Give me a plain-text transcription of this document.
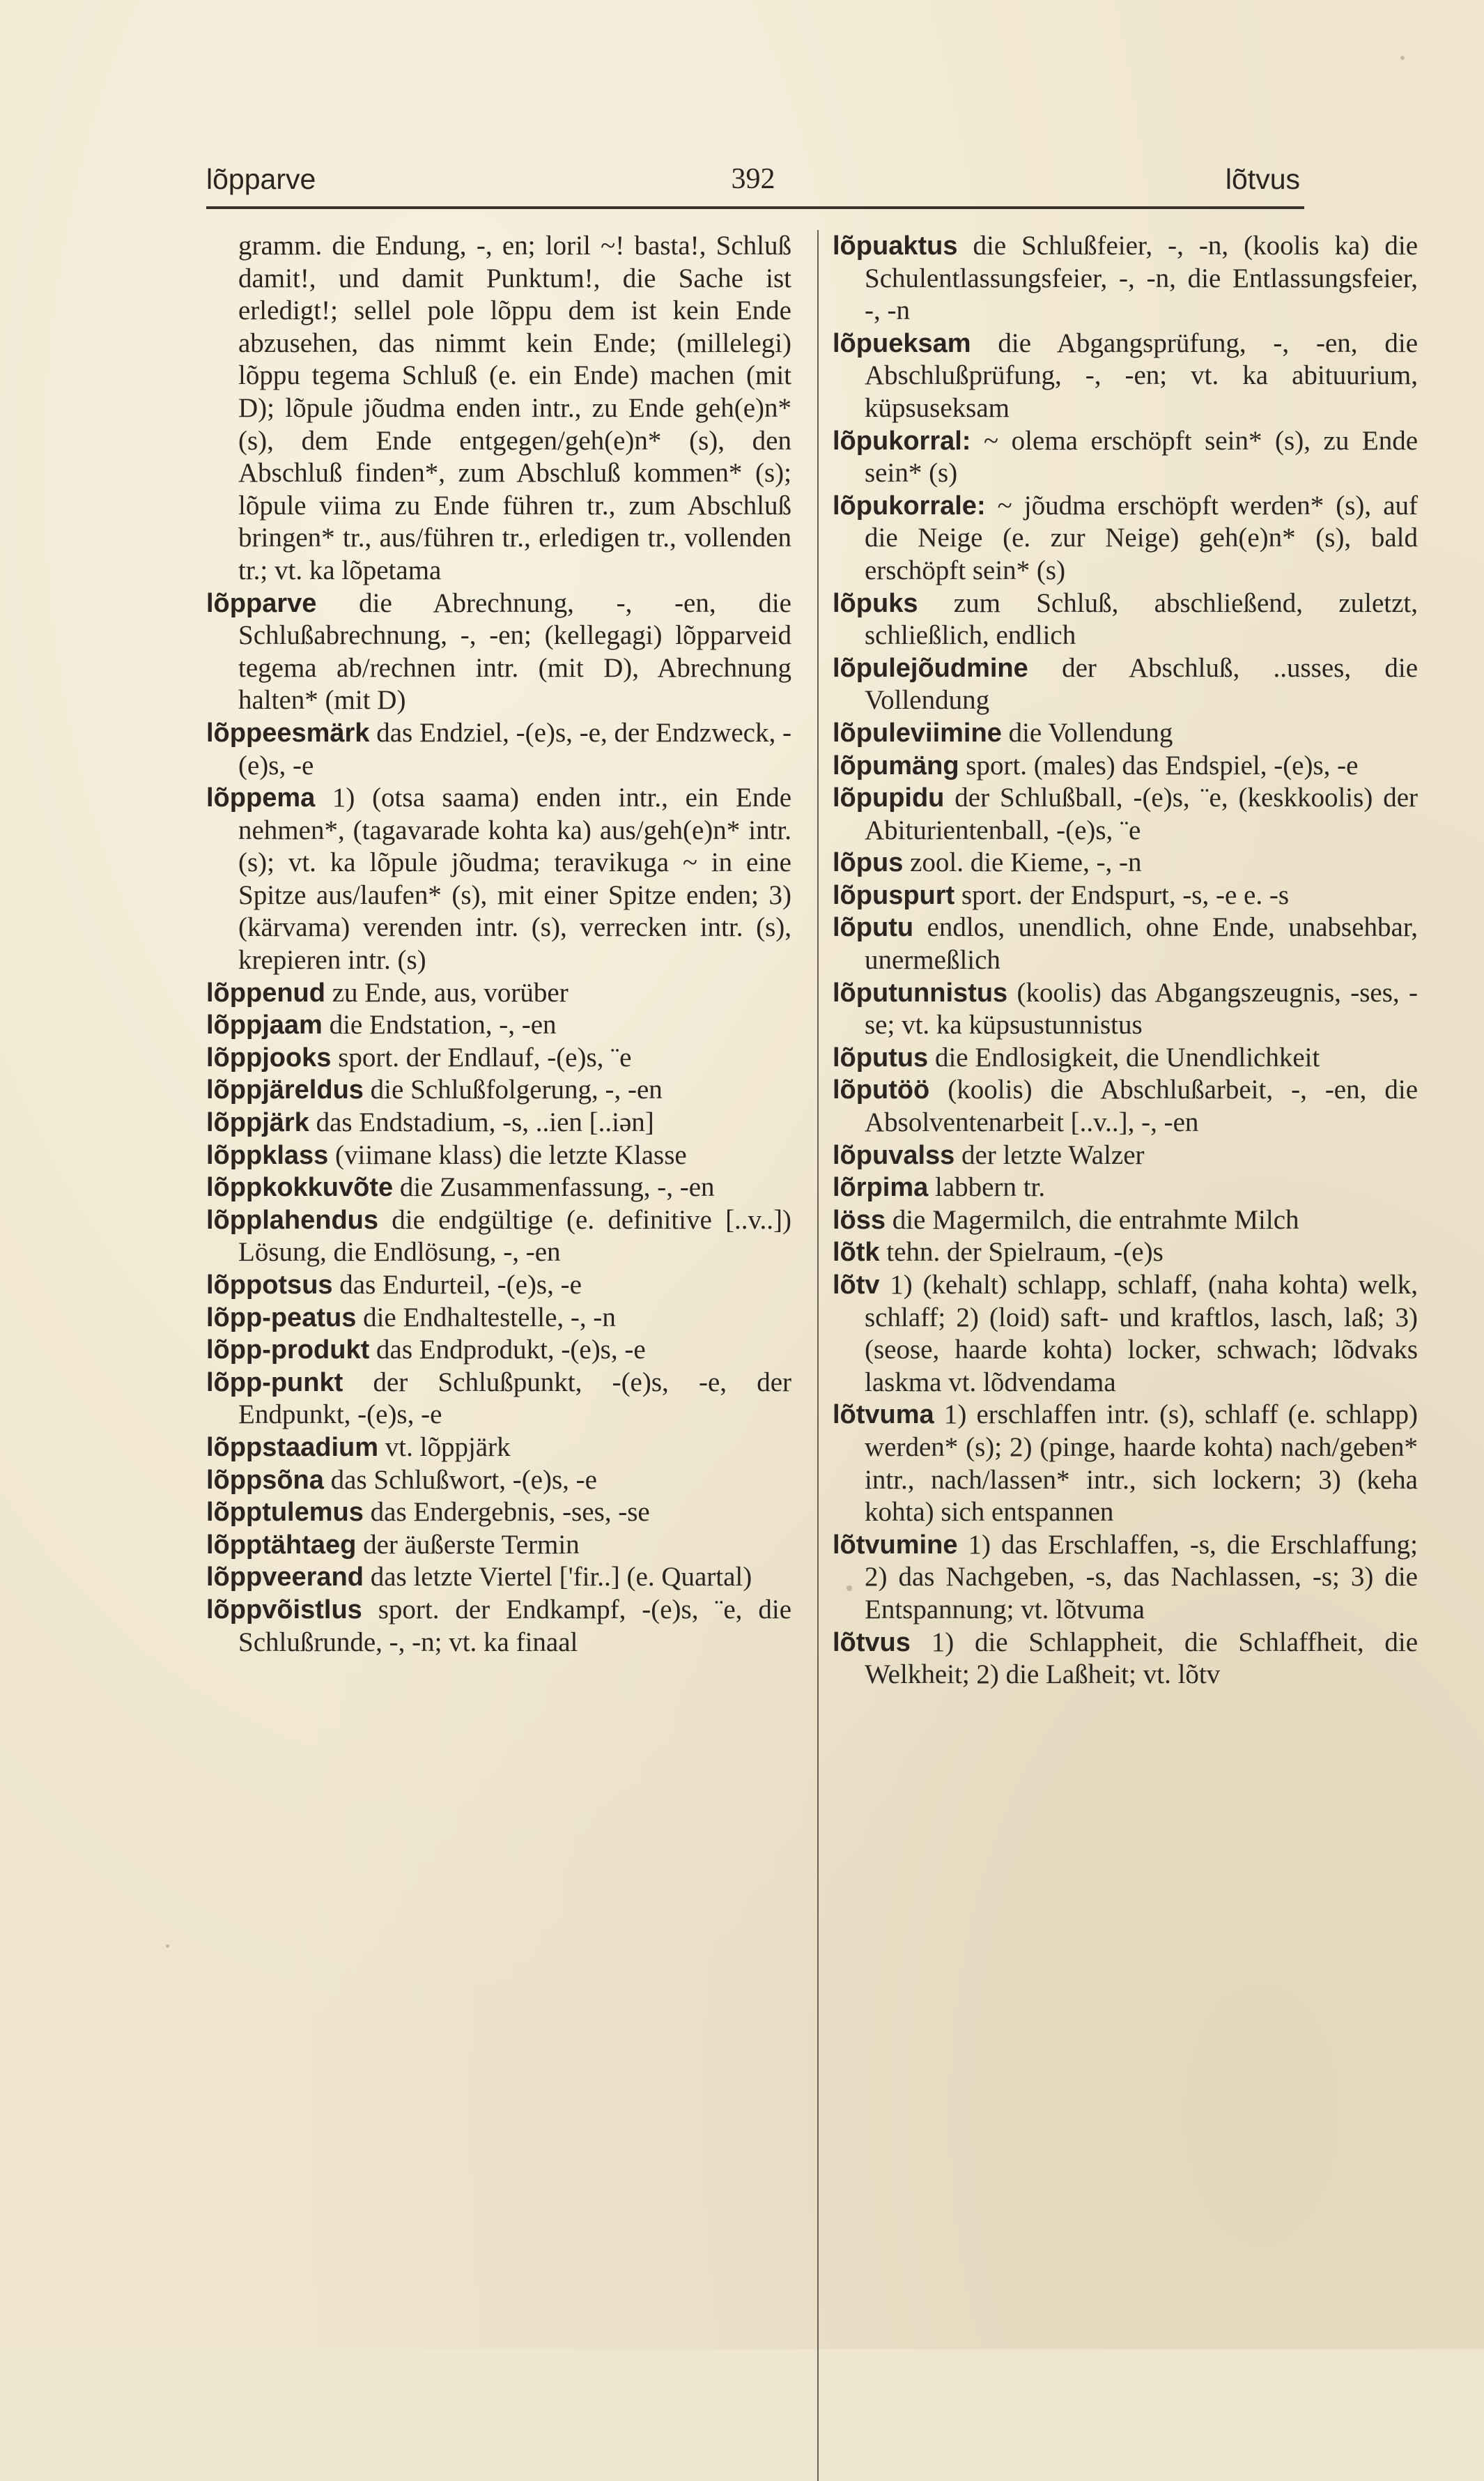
lõpparve	392	lõtvus

gramm. die Endung, -, en; loril ~! basta!, Schluß damit!, und damit Punktum!, die Sache ist erledigt!; sellel pole lõppu dem ist kein Ende abzusehen, das nimmt kein Ende; (millelegi) lõppu tegema Schluß (e. ein Ende) machen (mit D); lõpule jõudma enden intr., zu Ende geh(e)n* (s), dem Ende entgegen/geh(e)n* (s), den Abschluß finden*, zum Abschluß kommen* (s); lõpule viima zu Ende führen tr., zum Abschluß bringen* tr., aus/führen tr., erledigen tr., vollenden tr.; vt. ka lõpetama

lõpparve die Abrechnung, -, -en, die Schlußabrechnung, -, -en; (kellegagi) lõpparveid tegema ab/rechnen intr. (mit D), Abrechnung halten* (mit D)

lõppeesmärk das Endziel, -(e)s, -e, der Endzweck, -(e)s, -e

lõppema 1) (otsa saama) enden intr., ein Ende nehmen*, (tagavarade kohta ka) aus/geh(e)n* intr. (s); vt. ka lõpule jõudma; teravikuga ~ in eine Spitze aus/laufen* (s), mit einer Spitze enden; 3) (kärvama) verenden intr. (s), verrecken intr. (s), krepieren intr. (s)

lõppenud zu Ende, aus, vorüber

lõppjaam die Endstation, -, -en

lõppjooks sport. der Endlauf, -(e)s, ¨e

lõppjäreldus die Schlußfolgerung, -, -en

lõppjärk das Endstadium, -s, ..ien [..iən]

lõppklass (viimane klass) die letzte Klasse

lõppkokkuvõte die Zusammenfassung, -, -en

lõpplahendus die endgültige (e. definitive [..v..]) Lösung, die Endlösung, -, -en

lõppotsus das Endurteil, -(e)s, -e

lõpp-peatus die Endhaltestelle, -, -n

lõpp-produkt das Endprodukt, -(e)s, -e

lõpp-punkt der Schlußpunkt, -(e)s, -e, der Endpunkt, -(e)s, -e

lõppstaadium vt. lõppjärk

lõppsõna das Schlußwort, -(e)s, -e

lõpptulemus das Endergebnis, -ses, -se

lõpptähtaeg der äußerste Termin

lõppveerand das letzte Viertel ['fir..] (e. Quartal)

lõppvõistlus sport. der Endkampf, -(e)s, ¨e, die Schlußrunde, -, -n; vt. ka finaal

lõpuaktus die Schlußfeier, -, -n, (koolis ka) die Schulentlassungsfeier, -, -n, die Entlassungsfeier, -, -n

lõpueksam die Abgangsprüfung, -, -en, die Abschlußprüfung, -, -en; vt. ka abituurium, küpsuseksam

lõpukorral: ~ olema erschöpft sein* (s), zu Ende sein* (s)

lõpukorrale: ~ jõudma erschöpft werden* (s), auf die Neige (e. zur Neige) geh(e)n* (s), bald erschöpft sein* (s)

lõpuks zum Schluß, abschließend, zuletzt, schließlich, endlich

lõpulejõudmine der Abschluß, ..usses, die Vollendung

lõpuleviimine die Vollendung

lõpumäng sport. (males) das Endspiel, -(e)s, -e

lõpupidu der Schlußball, -(e)s, ¨e, (keskkoolis) der Abiturientenball, -(e)s, ¨e

lõpus zool. die Kieme, -, -n

lõpuspurt sport. der Endspurt, -s, -e e. -s

lõputu endlos, unendlich, ohne Ende, unabsehbar, unermeßlich

lõputunnistus (koolis) das Abgangszeugnis, -ses, -se; vt. ka küpsustunnistus

lõputus die Endlosigkeit, die Unendlichkeit

lõputöö (koolis) die Abschlußarbeit, -, -en, die Absolventenarbeit [..v..], -, -en

lõpuvalss der letzte Walzer

lõrpima labbern tr.

löss die Magermilch, die entrahmte Milch

lõtk tehn. der Spielraum, -(e)s

lõtv 1) (kehalt) schlapp, schlaff, (naha kohta) welk, schlaff; 2) (loid) saft- und kraftlos, lasch, laß; 3) (seose, haarde kohta) locker, schwach; lõdvaks laskma vt. lõdvendama

lõtvuma 1) erschlaffen intr. (s), schlaff (e. schlapp) werden* (s); 2) (pinge, haarde kohta) nach/geben* intr., nach/lassen* intr., sich lockern; 3) (keha kohta) sich entspannen

lõtvumine 1) das Erschlaffen, -s, die Erschlaffung; 2) das Nachgeben, -s, das Nachlassen, -s; 3) die Entspannung; vt. lõtvuma

lõtvus 1) die Schlappheit, die Schlaffheit, die Welkheit; 2) die Laßheit; vt. lõtv
